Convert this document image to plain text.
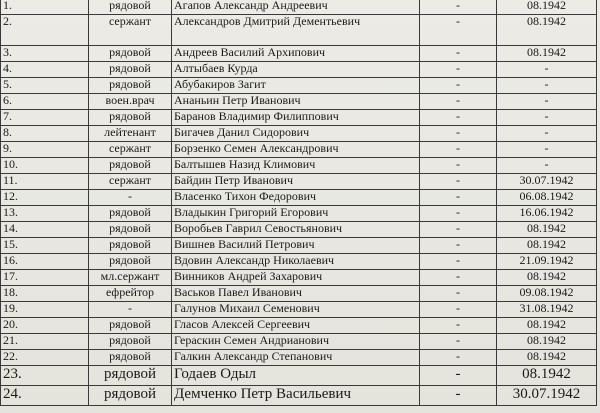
1.	рядовой	Агапов Александр Андреевич	-	08.1942
2.	сержант	Александров Дмитрий Дементьевич	-	08.1942
3.	рядовой	Андреев Василий Архипович	-	08.1942
4.	рядовой	Алтыбаев Курда	-	-
5.	рядовой	Абубакиров Загит	-	-
6.	воен.врач	Ананьин Петр Иванович	-	-
7.	рядовой	Баранов Владимир Филиппович	-	-
8.	лейтенант	Бигачев Данил Сидорович	-	-
9.	сержант	Борзенко Семен Александрович	-	-
10.	рядовой	Балтышев Назид Климович	-	-
11.	сержант	Байдин Петр Иванович	-	30.07.1942
12.	-	Власенко Тихон Федорович	-	06.08.1942
13.	рядовой	Владыкин Григорий Егорович	-	16.06.1942
14.	рядовой	Воробьев Гаврил Севостьянович	-	08.1942
15.	рядовой	Вишнев Василий Петрович	-	08.1942
16.	рядовой	Вдовин Александр Николаевич	-	21.09.1942
17.	мл.сержант	Винников Андрей Захарович	-	08.1942
18.	ефрейтор	Васьков Павел Иванович	-	09.08.1942
19.	-	Галунов Михаил Семенович	-	31.08.1942
20.	рядовой	Гласов Алексей Сергеевич	-	08.1942
21.	рядовой	Гераскин Семен Андрианович	-	08.1942
22.	рядовой	Галкин Александр Степанович	-	08.1942
23.	рядовой	Годаев Одыл	-	08.1942
24.	рядовой	Демченко Петр Васильевич	-	30.07.1942
